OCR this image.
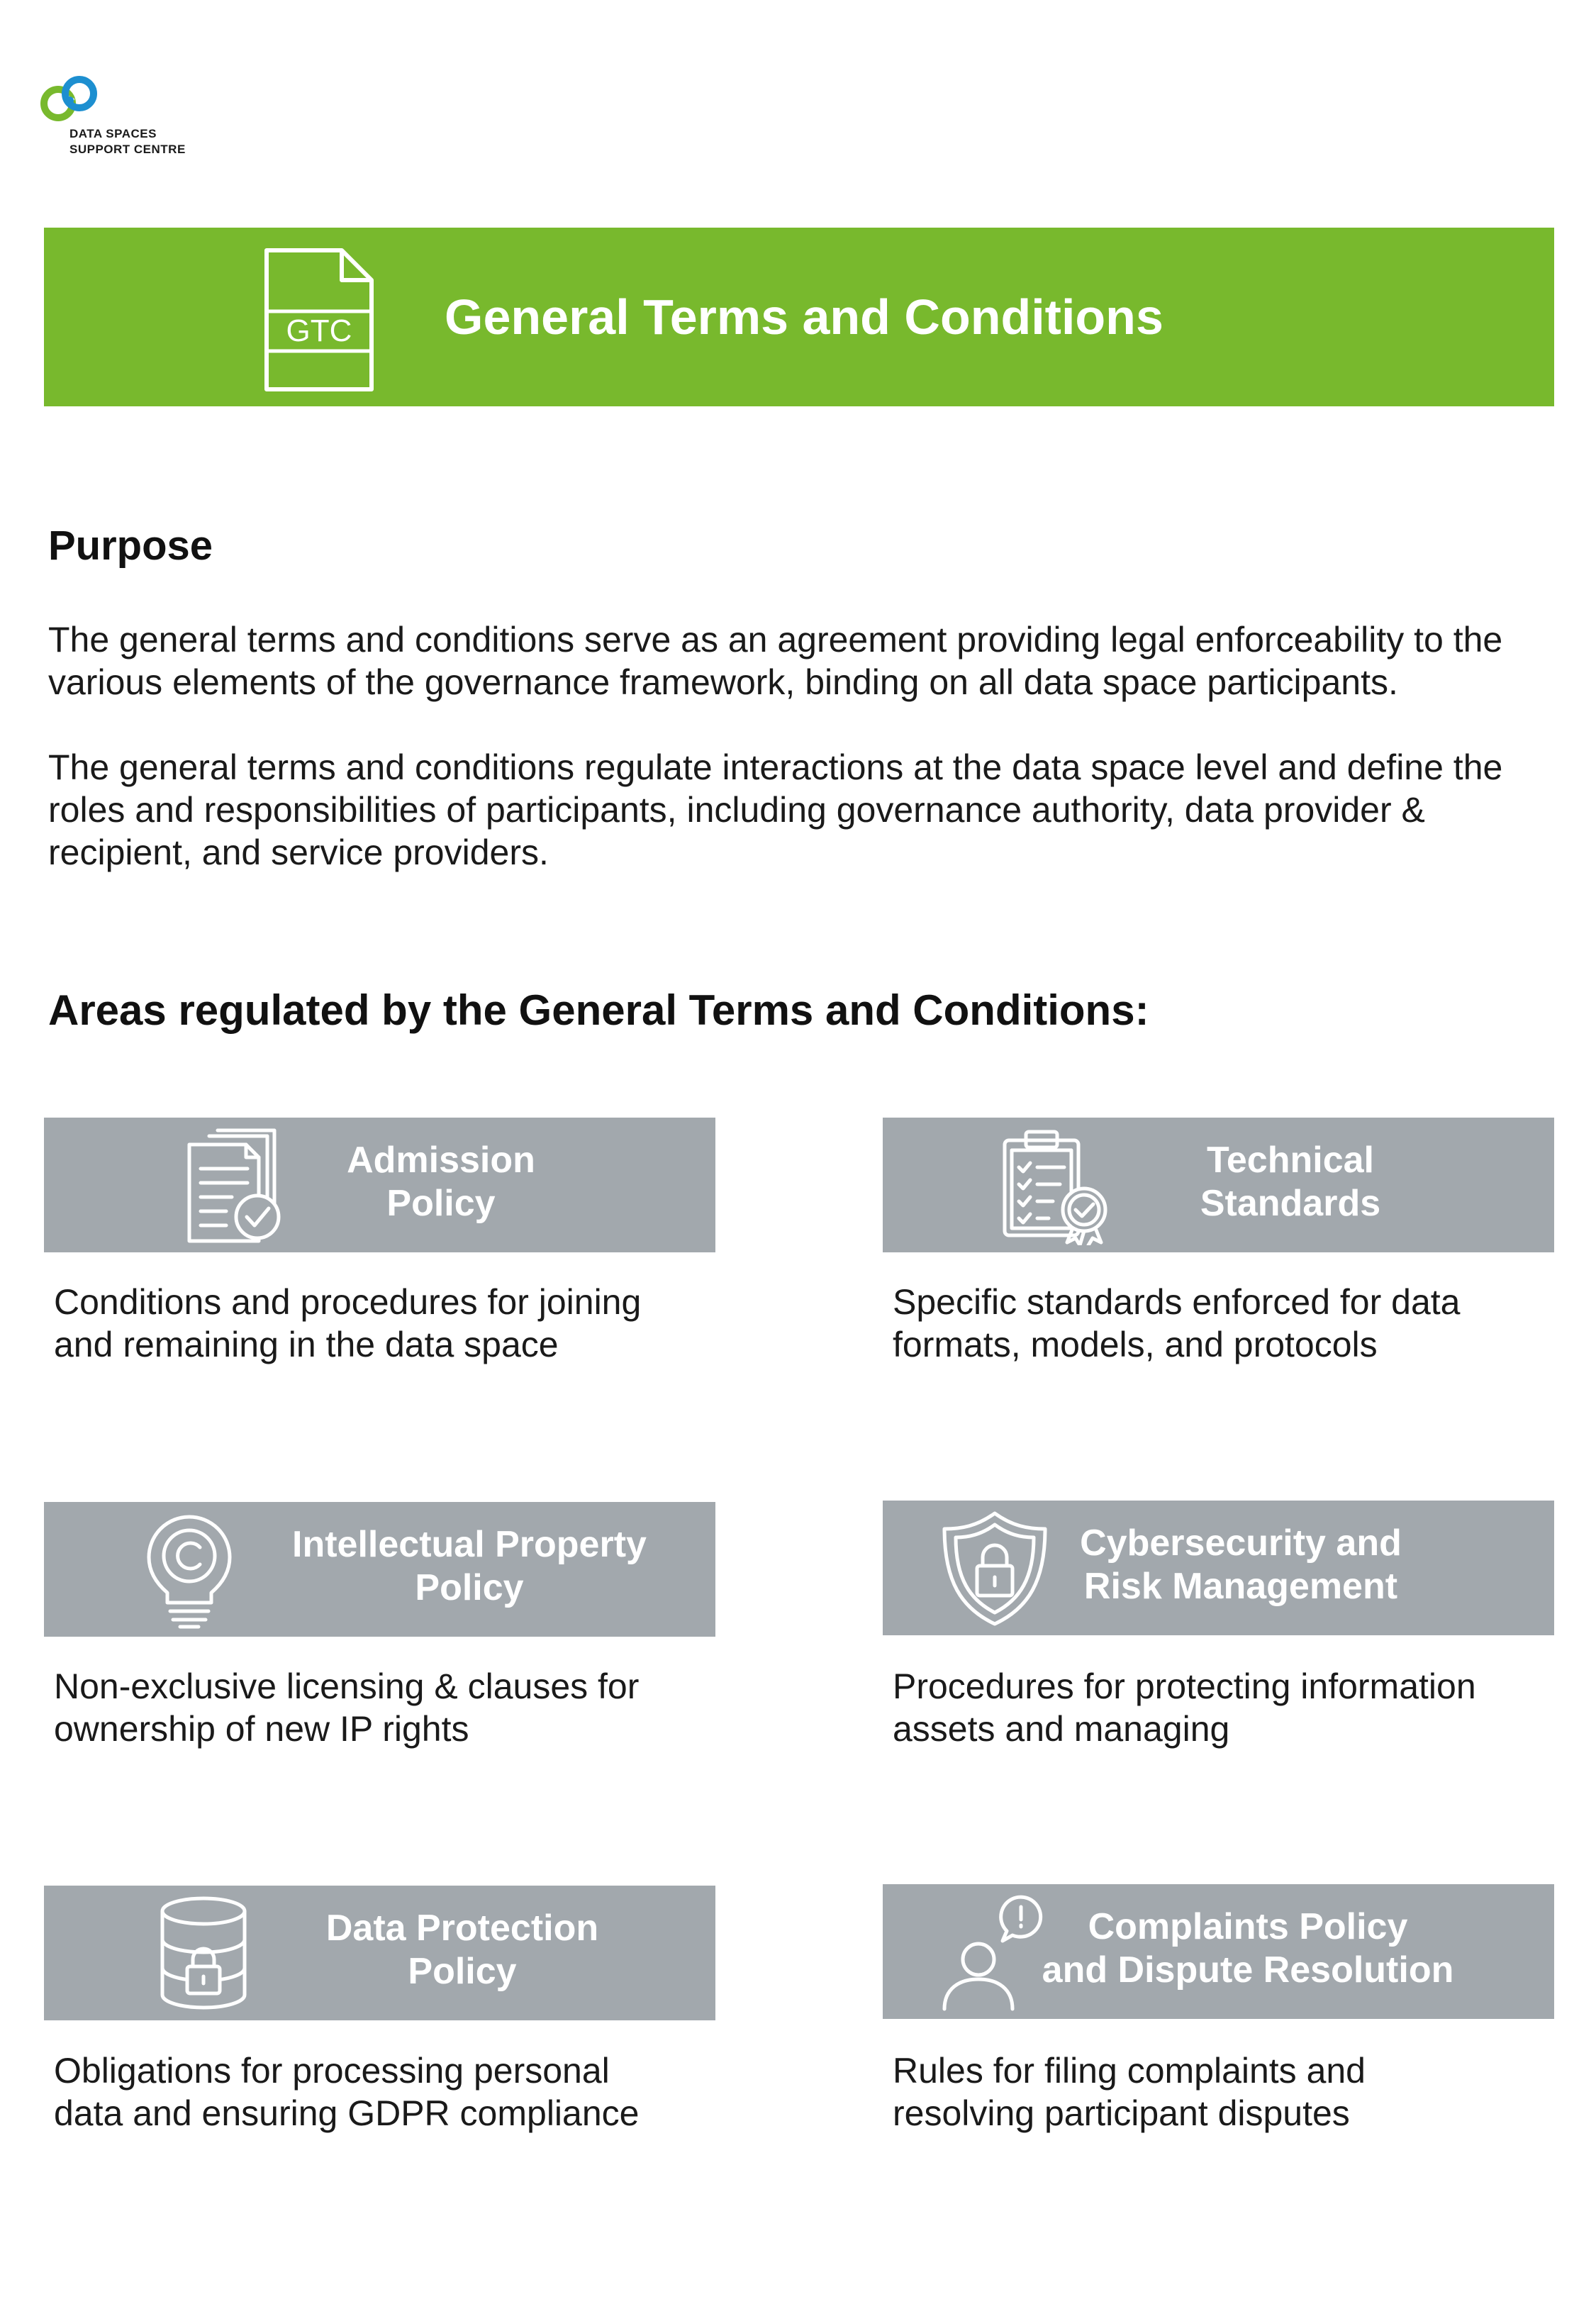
DATA SPACES
SUPPORT CENTRE
GTC General Terms and Conditions
Purpose

The general terms and conditions serve as an agreement providing legal enforceability to the various elements of the governance framework, binding on all data space participants.

The general terms and conditions regulate interactions at the data space level and define the roles and responsibilities of participants, including governance authority, data provider & recipient, and service providers.

Areas regulated by the General Terms and Conditions:
Admission
Policy

Conditions and procedures for joining
and remaining in the data space

Technical
Standards

Specific standards enforced for data
formats, models, and protocols

Intellectual Property
Policy

Non-exclusive licensing & clauses for
ownership of new IP rights

Cybersecurity and
Risk Management

Procedures for protecting information
assets and managing

Data Protection
Policy

Obligations for processing personal
data and ensuring GDPR compliance

Complaints Policy
and Dispute Resolution

Rules for filing complaints and
resolving participant disputes
